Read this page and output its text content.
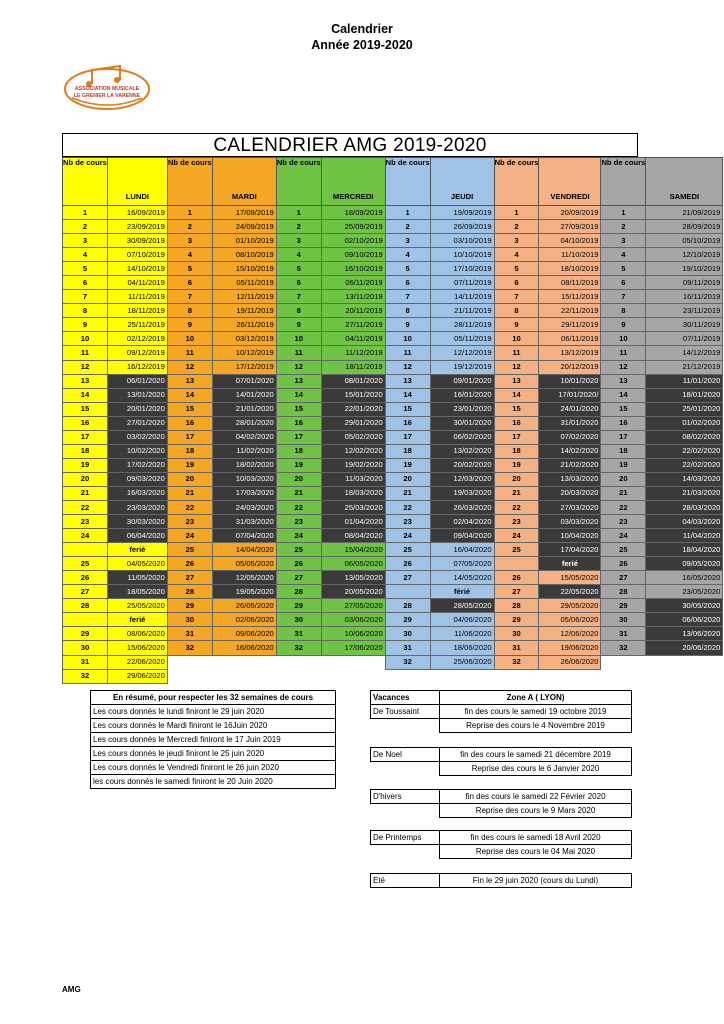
Calendrier
Année 2019-2020
ASSOCIATION MUSICALE
LE GRENIER LA VARENNE
CALENDRIER AMG 2019-2020
Nb de cours	LUNDI	Nb de cours	MARDI	Nb de cours	MERCREDI	Nb de cours	JEUDI	Nb de cours	VENDREDI	Nb de cours	SAMEDI
1	16/09/2019	1	17/09/2019	1	18/09/2019	1	19/09/2019	1	20/09/2019	1	21/09/2019
2	23/09/2019	2	24/09/2019	2	25/09/2019	2	26/09/2019	2	27/09/2019	2	28/09/2019
3	30/09/2019	3	01/10/2019	3	02/10/2019	3	03/10/2019	3	04/10/2019	3	05/10/2019
4	07/10/2019	4	08/10/2019	4	09/10/2019	4	10/10/2019	4	11/10/2019	4	12/10/2019
5	14/10/2019	5	15/10/2019	5	16/10/2019	5	17/10/2019	5	18/10/2019	5	19/10/2019
6	04/11/2019	6	05/11/2019	6	06/11/2019	6	07/11/2019	6	08/11/2019	6	09/11/2019
7	11/11/2019	7	12/11/2019	7	13/11/2019	7	14/11/2019	7	15/11/2019	7	16/11/2019
8	18/11/2019	8	19/11/2019	8	20/11/2019	8	21/11/2019	8	22/11/2019	8	23/11/2019
9	25/11/2019	9	26/11/2019	9	27/11/2019	9	28/11/2019	9	29/11/2019	9	30/11/2019
10	02/12/2019	10	03/12/2019	10	04/11/2019	10	05/11/2019	10	06/11/2019	10	07/11/2019
11	09/12/2019	11	10/12/2019	11	11/12/2019	11	12/12/2019	11	13/12/2019	11	14/12/2019
12	16/12/2019	12	17/12/2019	12	18/11/2019	12	19/12/2019	12	20/12/2019	12	21/12/2019
13	06/01/2020	13	07/01/2020	13	08/01/2020	13	09/01/2020	13	10/01/2020	13	11/01/2020
14	13/01/2020	14	14/01/2020	14	15/01/2020	14	16/01/2020	14	17/01/2020/	14	18/01/2020
15	20/01/2020	15	21/01/2020	15	22/01/2020	15	23/01/2020	15	24/01/2020	15	25/01/2020
16	27/01/2020	16	28/01/2020	16	29/01/2020	16	30/01/2020	16	31/01/2020	16	01/02/2020
17	03/02/2020	17	04/02/2020	17	05/02/2020	17	06/02/2020	17	07/02/2020	17	08/02/2020
18	10/02/2020	18	11/02/2020	18	12/02/2020	18	13/02/2020	18	14/02/2020	18	22/02/2020
19	17/02/2020	19	18/02/2020	19	19/02/2020	19	20/02/2020	19	21/02/2020	19	22/02/2020
20	09/03/2020	20	10/03/2020	20	11/03/2020	20	12/03/2020	20	13/03/2020	20	14/03/2020
21	16/03/2020	21	17/03/2020	21	18/03/2020	21	19/03/2020	21	20/03/2020	21	21/03/2020
22	23/03/2020	22	24/03/2020	22	25/03/2020	22	26/03/2020	22	27/03/2020	22	28/03/2020
23	30/03/2020	23	31/03/2020	23	01/04/2020	23	02/04/2020	23	03/03/2020	23	04/03/2020
24	06/04/2020	24	07/04/2020	24	08/04/2020	24	09/04/2020	24	10/04/2020	24	11/04/2020
	ferié	25	14/04/2020	25	15/04/2020	25	16/04/2020	25	17/04/2020	25	18/04/2020
25	04/05/2020	26	05/05/2020	26	06/05/2020	26	07/05/2020		ferié	26	09/05/2020
26	11/05/2020	27	12/05/2020	27	13/05/2020	27	14/05/2020	26	15/05/2020	27	16/05/2020
27	18/05/2020	28	19/05/2020	28	20/05/2020		férié	27	22/05/2020	28	23/05/2020
28	25/05/2020	29	26/05/2020	29	27/05/2020	28	28/05/2020	28	29/05/2020	29	30/05/2020
	ferié	30	02/06/2020	30	03/06/2020	29	04/06/2020	29	05/06/2020	30	06/06/2020
29	08/06/2020	31	09/06/2020	31	10/06/2020	30	11/06/2020	30	12/06/2020	31	13/06/2020
30	15/06/2020	32	16/06/2020	32	17/06/2020	31	18/06/2020	31	19/06/2020	32	20/06/2020
31	22/06/2020					32	25/06/2020	32	26/06/2020		
32	29/06/2020										
En résumé, pour respecter les 32 semaines de cours
Les cours donnés le lundi finiront le 29 juin 2020
Les cours donnés le Mardi finiront le 16Juin 2020
Les cours donnés le Mercredi finiront le 17 Juin 2019
Les cours donnés le jeudi finiront le 25 juin 2020
Les cours donnés le Vendredi finiront le 26 juin 2020
les cours donnés le samedi finiront le 20 Juin 2020
Vacances	Zone A ( LYON)
De Toussaint	fin des cours le samedi 19 octobre 2019
	Reprise des cours le 4 Novembre 2019
De Noel	fin des cours le samedi 21 décembre 2019
	Reprise des cours le 6 Janvier 2020
D'hivers	fin des cours le samedi 22 Février 2020
	Reprise des cours le 9 Mars 2020
De Printemps	fin des cours le samedi 18 Avril 2020
	Reprise des cours le 04 Mai 2020
Eté	Fin le 29 juin 2020 (cours du Lundi)
AMG
